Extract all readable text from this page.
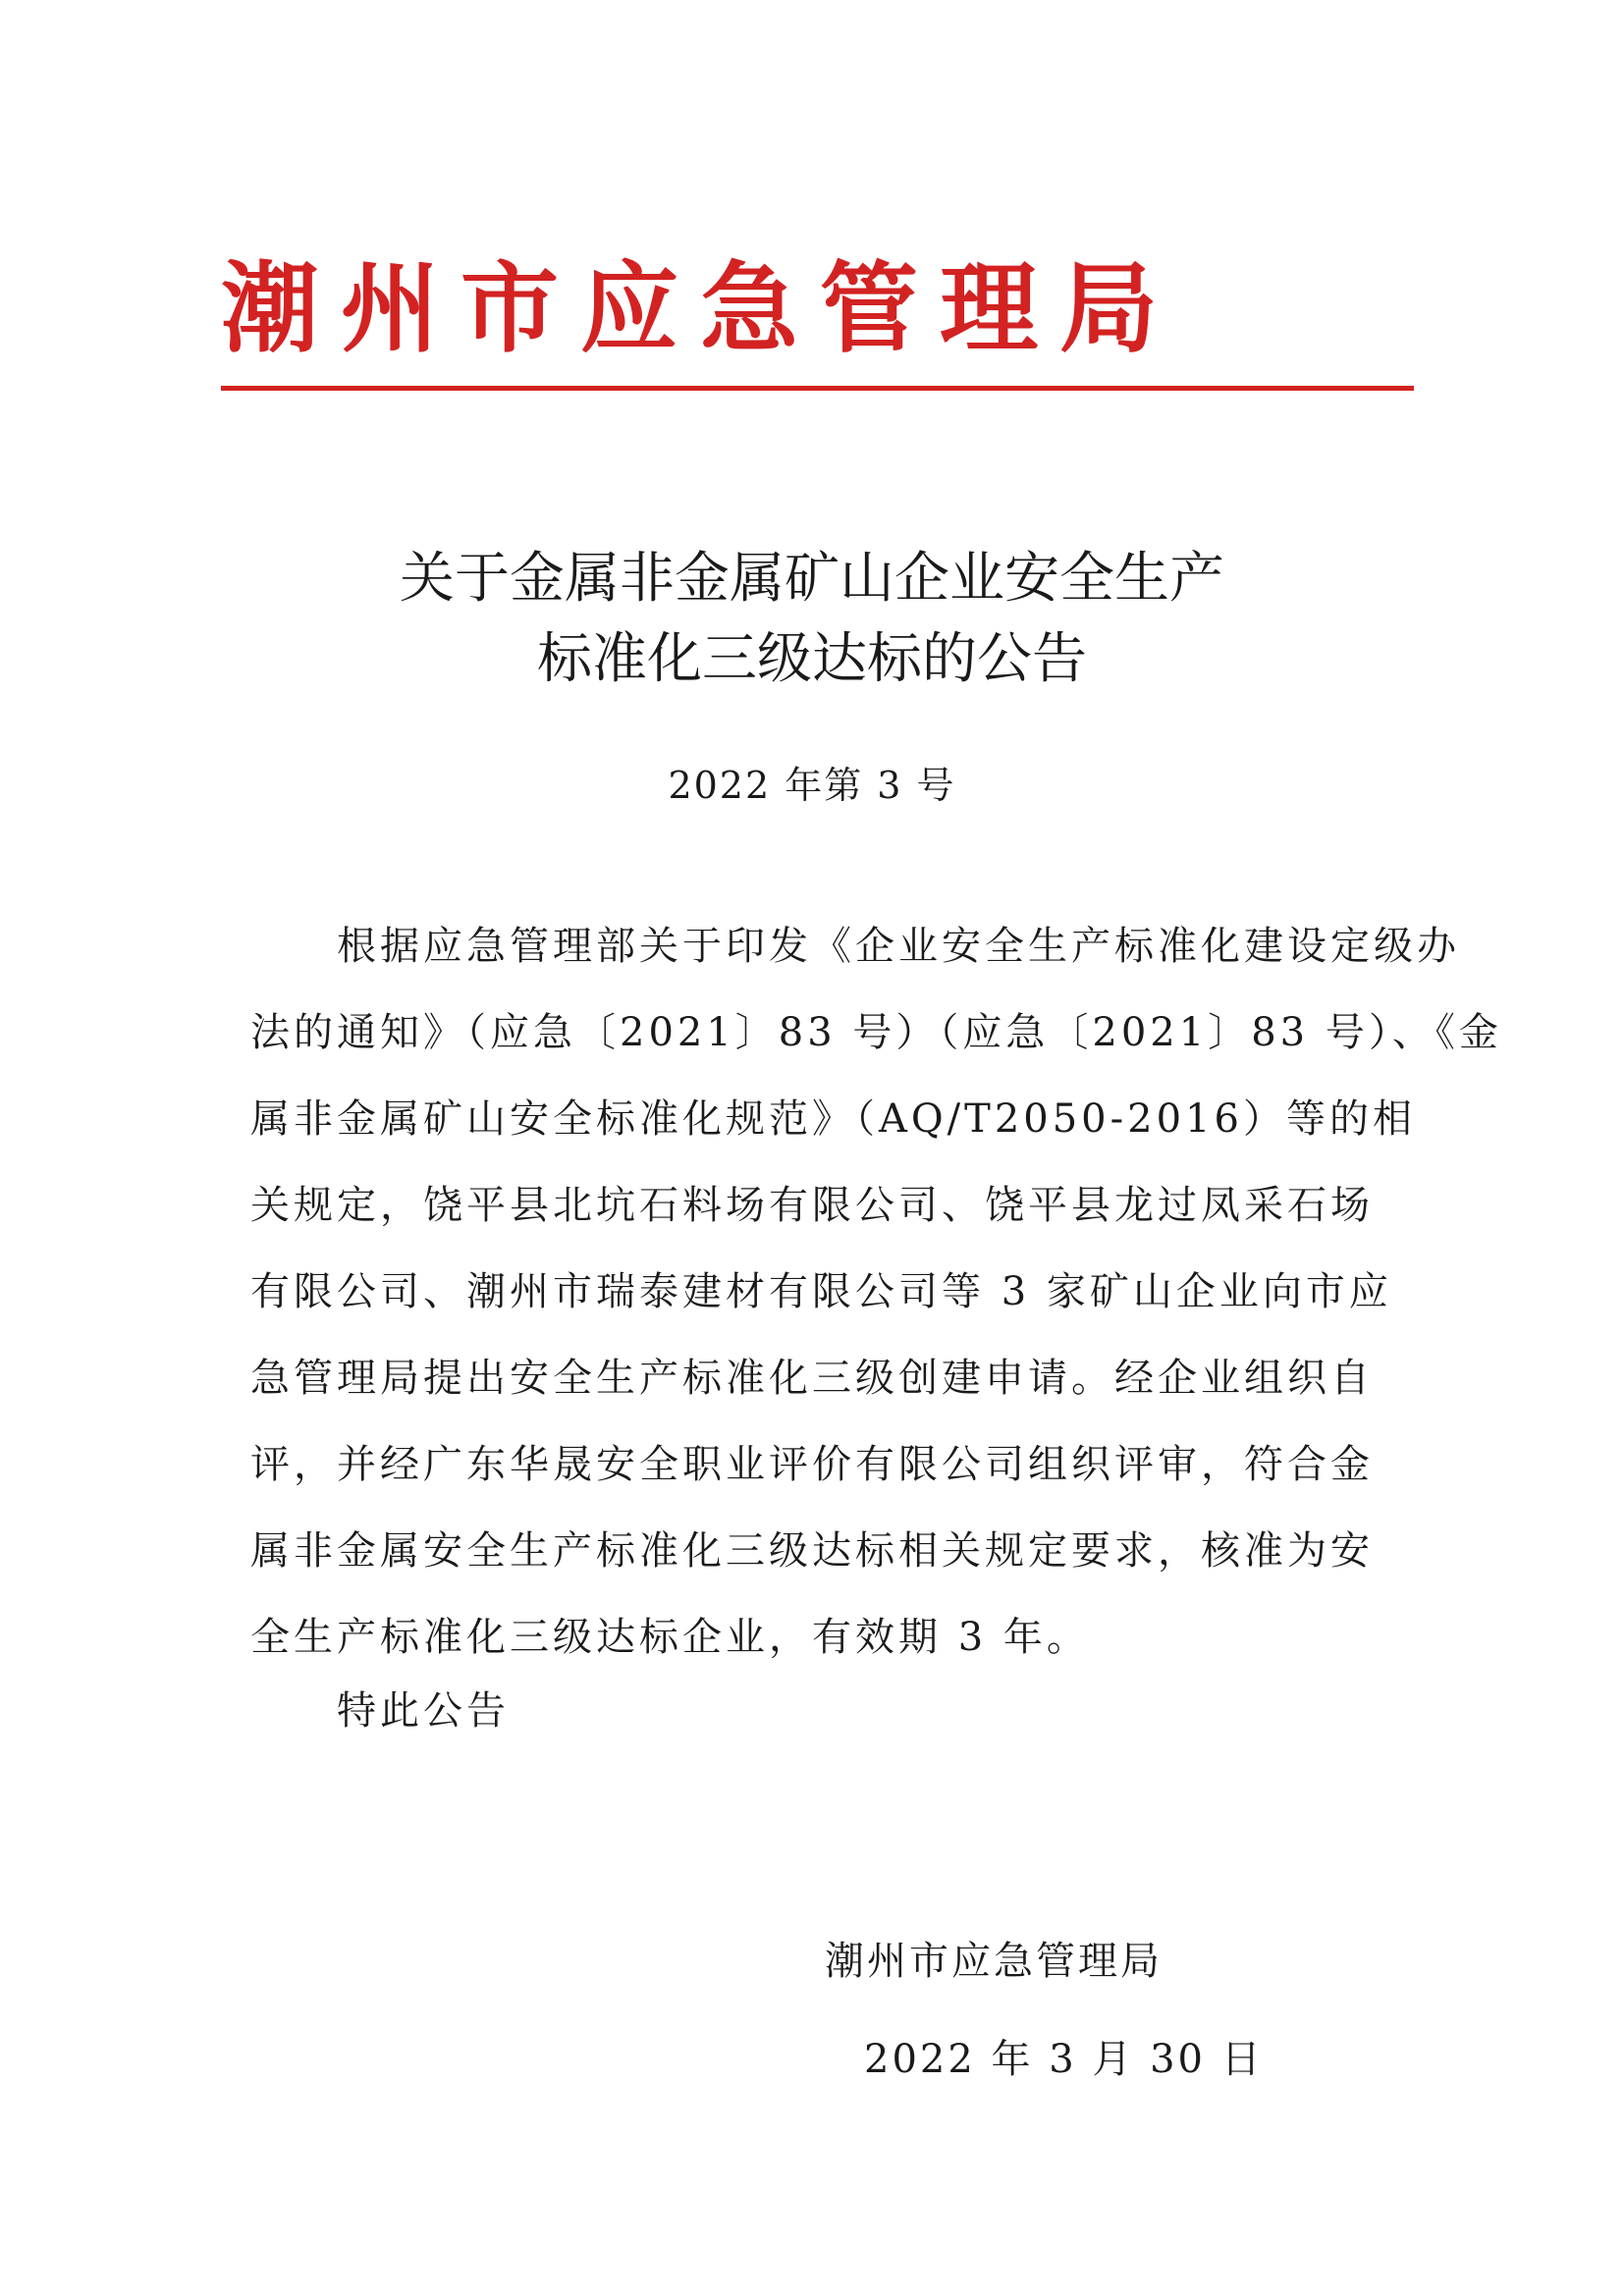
潮州市应急管理局
关于金属非金属矿山企业安全生产
标准化三级达标的公告
2022 年第 3 号
根据应急管理部关于印发《企业安全生产标准化建设定级办
法的通知》（应急〔2021〕83 号）（应急〔2021〕83 号）、《金
属非金属矿山安全标准化规范》（AQ/T2050-2016）等的相
关规定，饶平县北坑石料场有限公司、饶平县龙过凤采石场
有限公司、潮州市瑞泰建材有限公司等 3 家矿山企业向市应
急管理局提出安全生产标准化三级创建申请。经企业组织自
评，并经广东华晟安全职业评价有限公司组织评审，符合金
属非金属安全生产标准化三级达标相关规定要求，核准为安
全生产标准化三级达标企业，有效期 3 年。
特此公告
潮州市应急管理局
2022 年 3 月 30 日
